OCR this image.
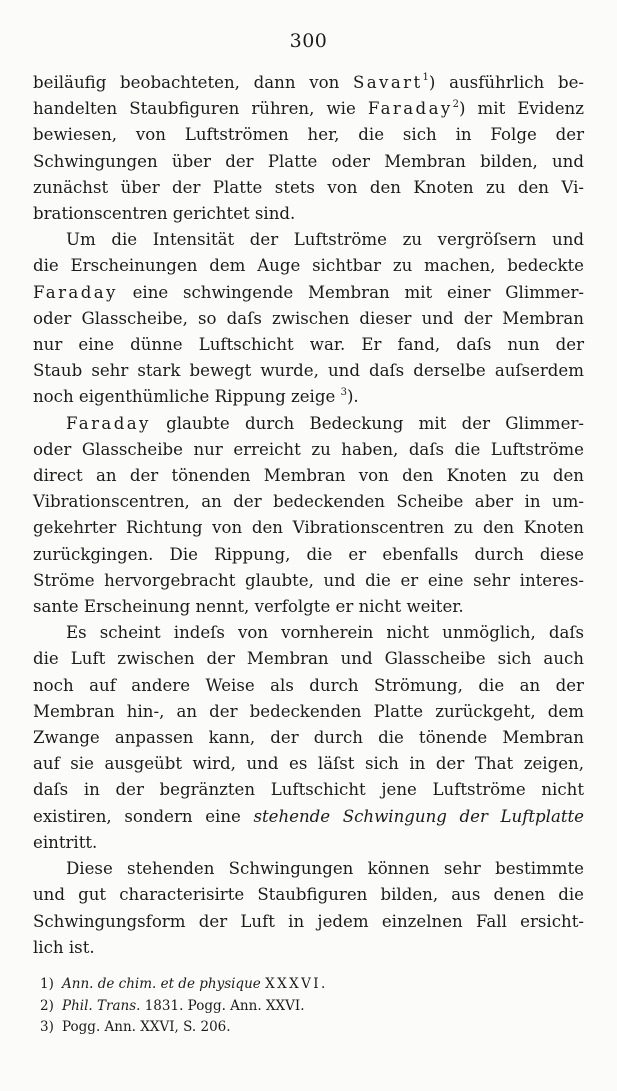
300
beiläufig beobachteten, dann von Savart$^1$) ausführlich be-
handelten Staubfiguren rühren, wie Faraday$^2$) mit Evidenz
bewiesen, von Luftströmen her, die sich in Folge der
Schwingungen über der Platte oder Membran bilden, und
zunächst über der Platte stets von den Knoten zu den Vi-
brationscentren gerichtet sind.
Um die Intensität der Luftströme zu vergröſsern und
die Erscheinungen dem Auge sichtbar zu machen, bedeckte
Faraday eine schwingende Membran mit einer Glimmer-
oder Glasscheibe, so daſs zwischen dieser und der Membran
nur eine dünne Luftschicht war. Er fand, daſs nun der
Staub sehr stark bewegt wurde, und daſs derselbe auſserdem
noch eigenthümliche Rippung zeige $^3$).
Faraday glaubte durch Bedeckung mit der Glimmer-
oder Glasscheibe nur erreicht zu haben, daſs die Luftströme
direct an der tönenden Membran von den Knoten zu den
Vibrationscentren, an der bedeckenden Scheibe aber in um-
gekehrter Richtung von den Vibrationscentren zu den Knoten
zurückgingen. Die Rippung, die er ebenfalls durch diese
Ströme hervorgebracht glaubte, und die er eine sehr interes-
sante Erscheinung nennt, verfolgte er nicht weiter.
Es scheint indeſs von vornherein nicht unmöglich, daſs
die Luft zwischen der Membran und Glasscheibe sich auch
noch auf andere Weise als durch Strömung, die an der
Membran hin-, an der bedeckenden Platte zurückgeht, dem
Zwange anpassen kann, der durch die tönende Membran
auf sie ausgeübt wird, und es läſst sich in der That zeigen,
daſs in der begränzten Luftschicht jene Luftströme nicht
existiren, sondern eine stehende Schwingung der Luftplatte
eintritt.
Diese stehenden Schwingungen können sehr bestimmte
und gut characterisirte Staubfiguren bilden, aus denen die
Schwingungsform der Luft in jedem einzelnen Fall ersicht-
lich ist.
1) Ann. de chim. et de physique XXXVI.
2) Phil. Trans. 1831. Pogg. Ann. XXVI.
3) Pogg. Ann. XXVI, S. 206.
